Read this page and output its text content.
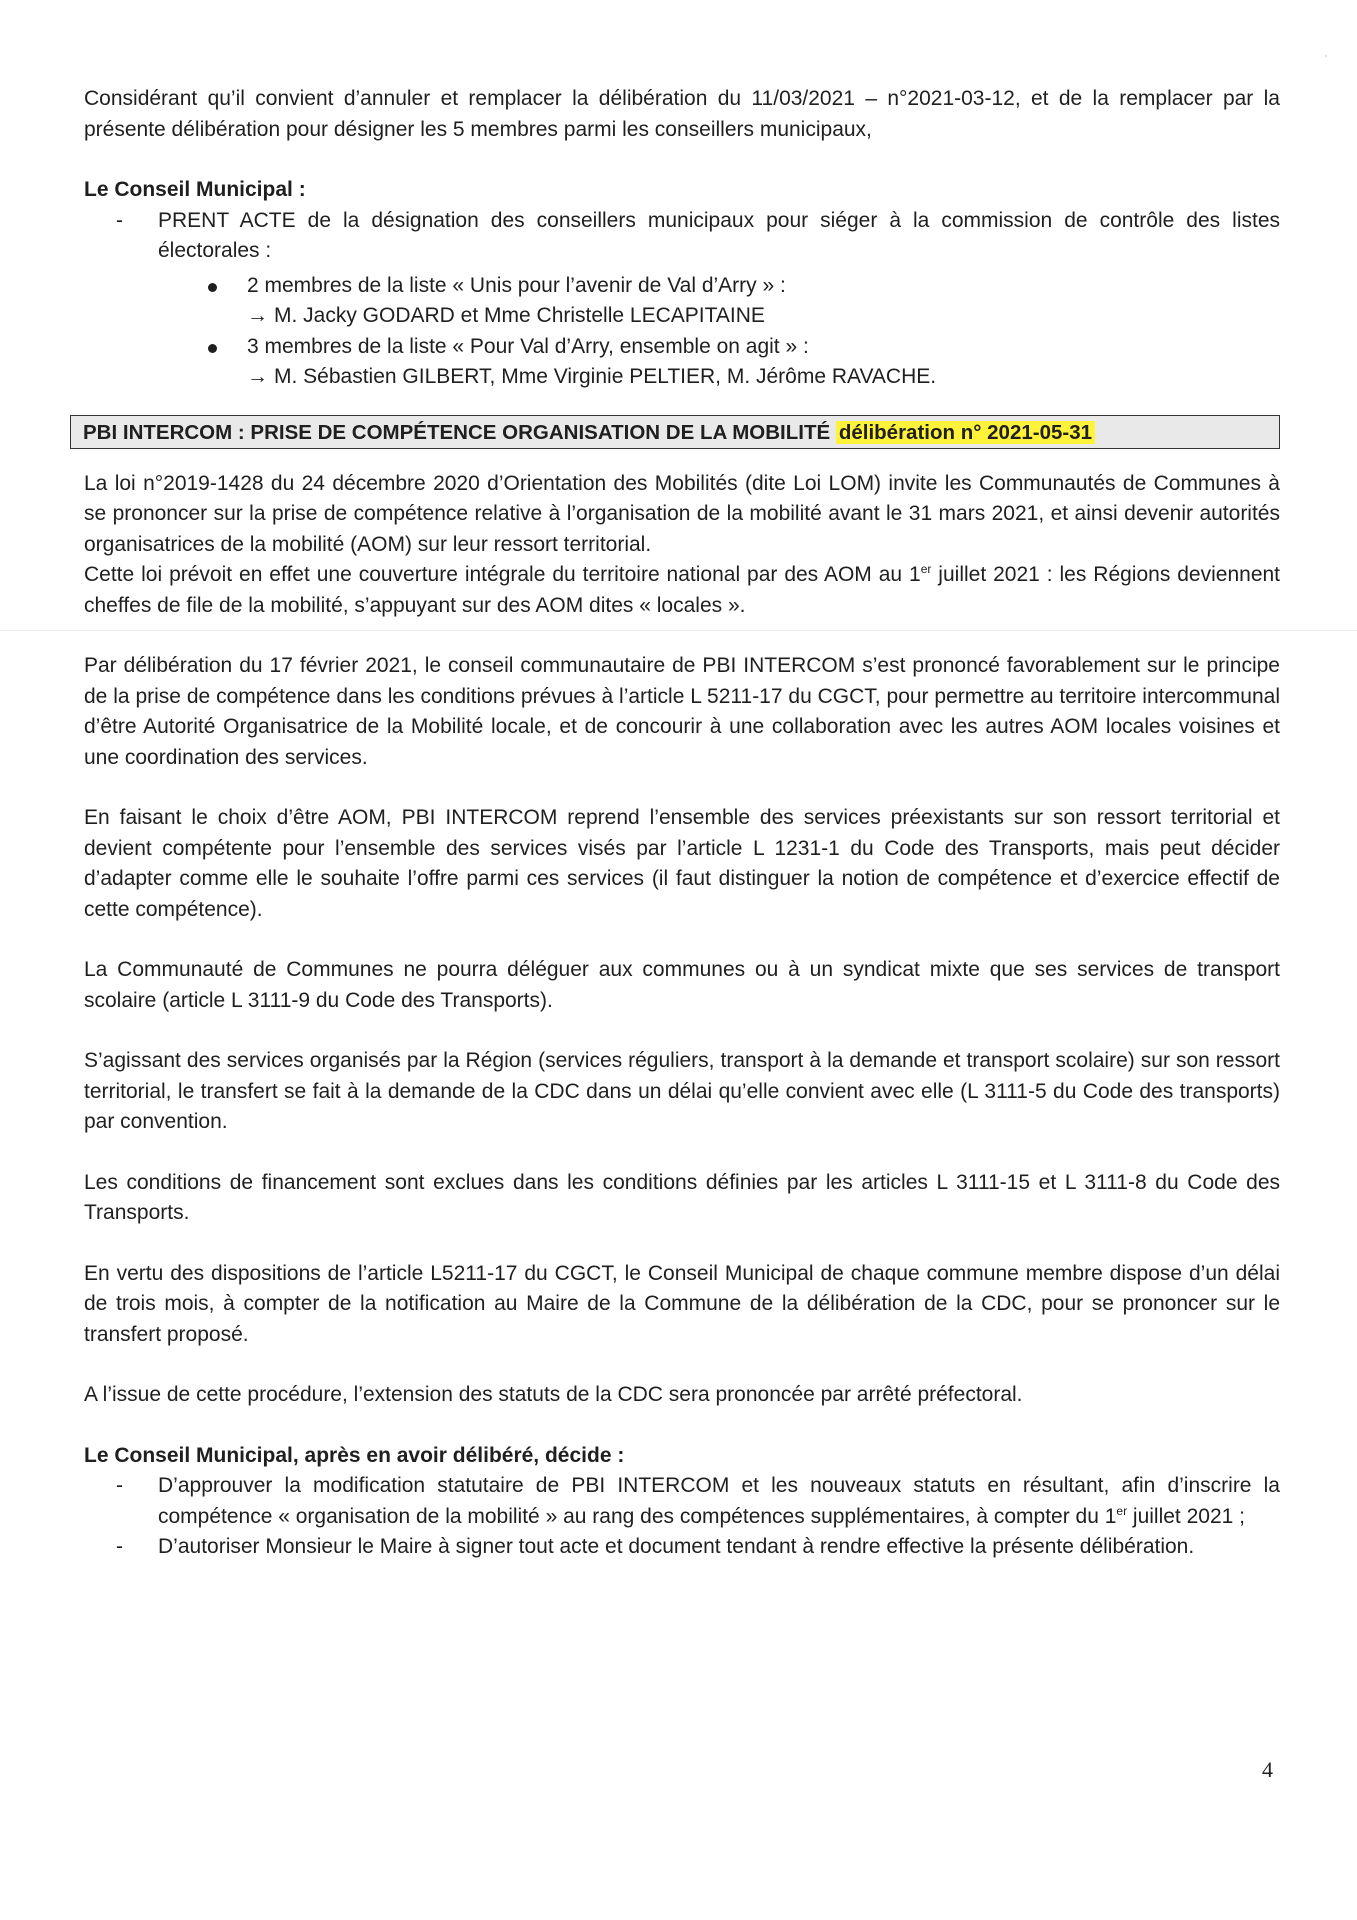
'

Considérant qu’il convient d’annuler et remplacer la délibération du 11/03/2021 – n°2021-03-12, et de la remplacer par la présente délibération pour désigner les 5 membres parmi les conseillers municipaux,

Le Conseil Municipal :

- PRENT ACTE de la désignation des conseillers municipaux pour siéger à la commission de contrôle des listes électorales :
2 membres de la liste « Unis pour l’avenir de Val d’Arry » :
→ M. Jacky GODARD et Mme Christelle LECAPITAINE
3 membres de la liste « Pour Val d’Arry, ensemble on agit » :
→ M. Sébastien GILBERT, Mme Virginie PELTIER, M. Jérôme RAVACHE.
PBI INTERCOM : PRISE DE COMPÉTENCE ORGANISATION DE LA MOBILITÉ délibération n° 2021-05-31

La loi n°2019-1428 du 24 décembre 2020 d’Orientation des Mobilités (dite Loi LOM) invite les Communautés de Communes à se prononcer sur la prise de compétence relative à l’organisation de la mobilité avant le 31 mars 2021, et ainsi devenir autorités organisatrices de la mobilité (AOM) sur leur ressort territorial.

Cette loi prévoit en effet une couverture intégrale du territoire national par des AOM au 1er juillet 2021 : les Régions deviennent cheffes de file de la mobilité, s’appuyant sur des AOM dites « locales ».

Par délibération du 17 février 2021, le conseil communautaire de PBI INTERCOM s’est prononcé favorablement sur le principe de la prise de compétence dans les conditions prévues à l’article L 5211-17 du CGCT, pour permettre au territoire intercommunal d’être Autorité Organisatrice de la Mobilité locale, et de concourir à une collaboration avec les autres AOM locales voisines et une coordination des services.

En faisant le choix d’être AOM, PBI INTERCOM reprend l’ensemble des services préexistants sur son ressort territorial et devient compétente pour l’ensemble des services visés par l’article L 1231-1 du Code des Transports, mais peut décider d’adapter comme elle le souhaite l’offre parmi ces services (il faut distinguer la notion de compétence et d’exercice effectif de cette compétence).

La Communauté de Communes ne pourra déléguer aux communes ou à un syndicat mixte que ses services de transport scolaire (article L 3111-9 du Code des Transports).

S’agissant des services organisés par la Région (services réguliers, transport à la demande et transport scolaire) sur son ressort territorial, le transfert se fait à la demande de la CDC dans un délai qu’elle convient avec elle (L 3111-5 du Code des transports) par convention.

Les conditions de financement sont exclues dans les conditions définies par les articles L 3111-15 et L 3111-8 du Code des Transports.

En vertu des dispositions de l’article L5211-17 du CGCT, le Conseil Municipal de chaque commune membre dispose d’un délai de trois mois, à compter de la notification au Maire de la Commune de la délibération de la CDC, pour se prononcer sur le transfert proposé.

A l’issue de cette procédure, l’extension des statuts de la CDC sera prononcée par arrêté préfectoral.

Le Conseil Municipal, après en avoir délibéré, décide :

- D’approuver la modification statutaire de PBI INTERCOM et les nouveaux statuts en résultant, afin d’inscrire la compétence « organisation de la mobilité » au rang des compétences supplémentaires, à compter du 1er juillet 2021 ;
- D’autoriser Monsieur le Maire à signer tout acte et document tendant à rendre effective la présente délibération.
4
